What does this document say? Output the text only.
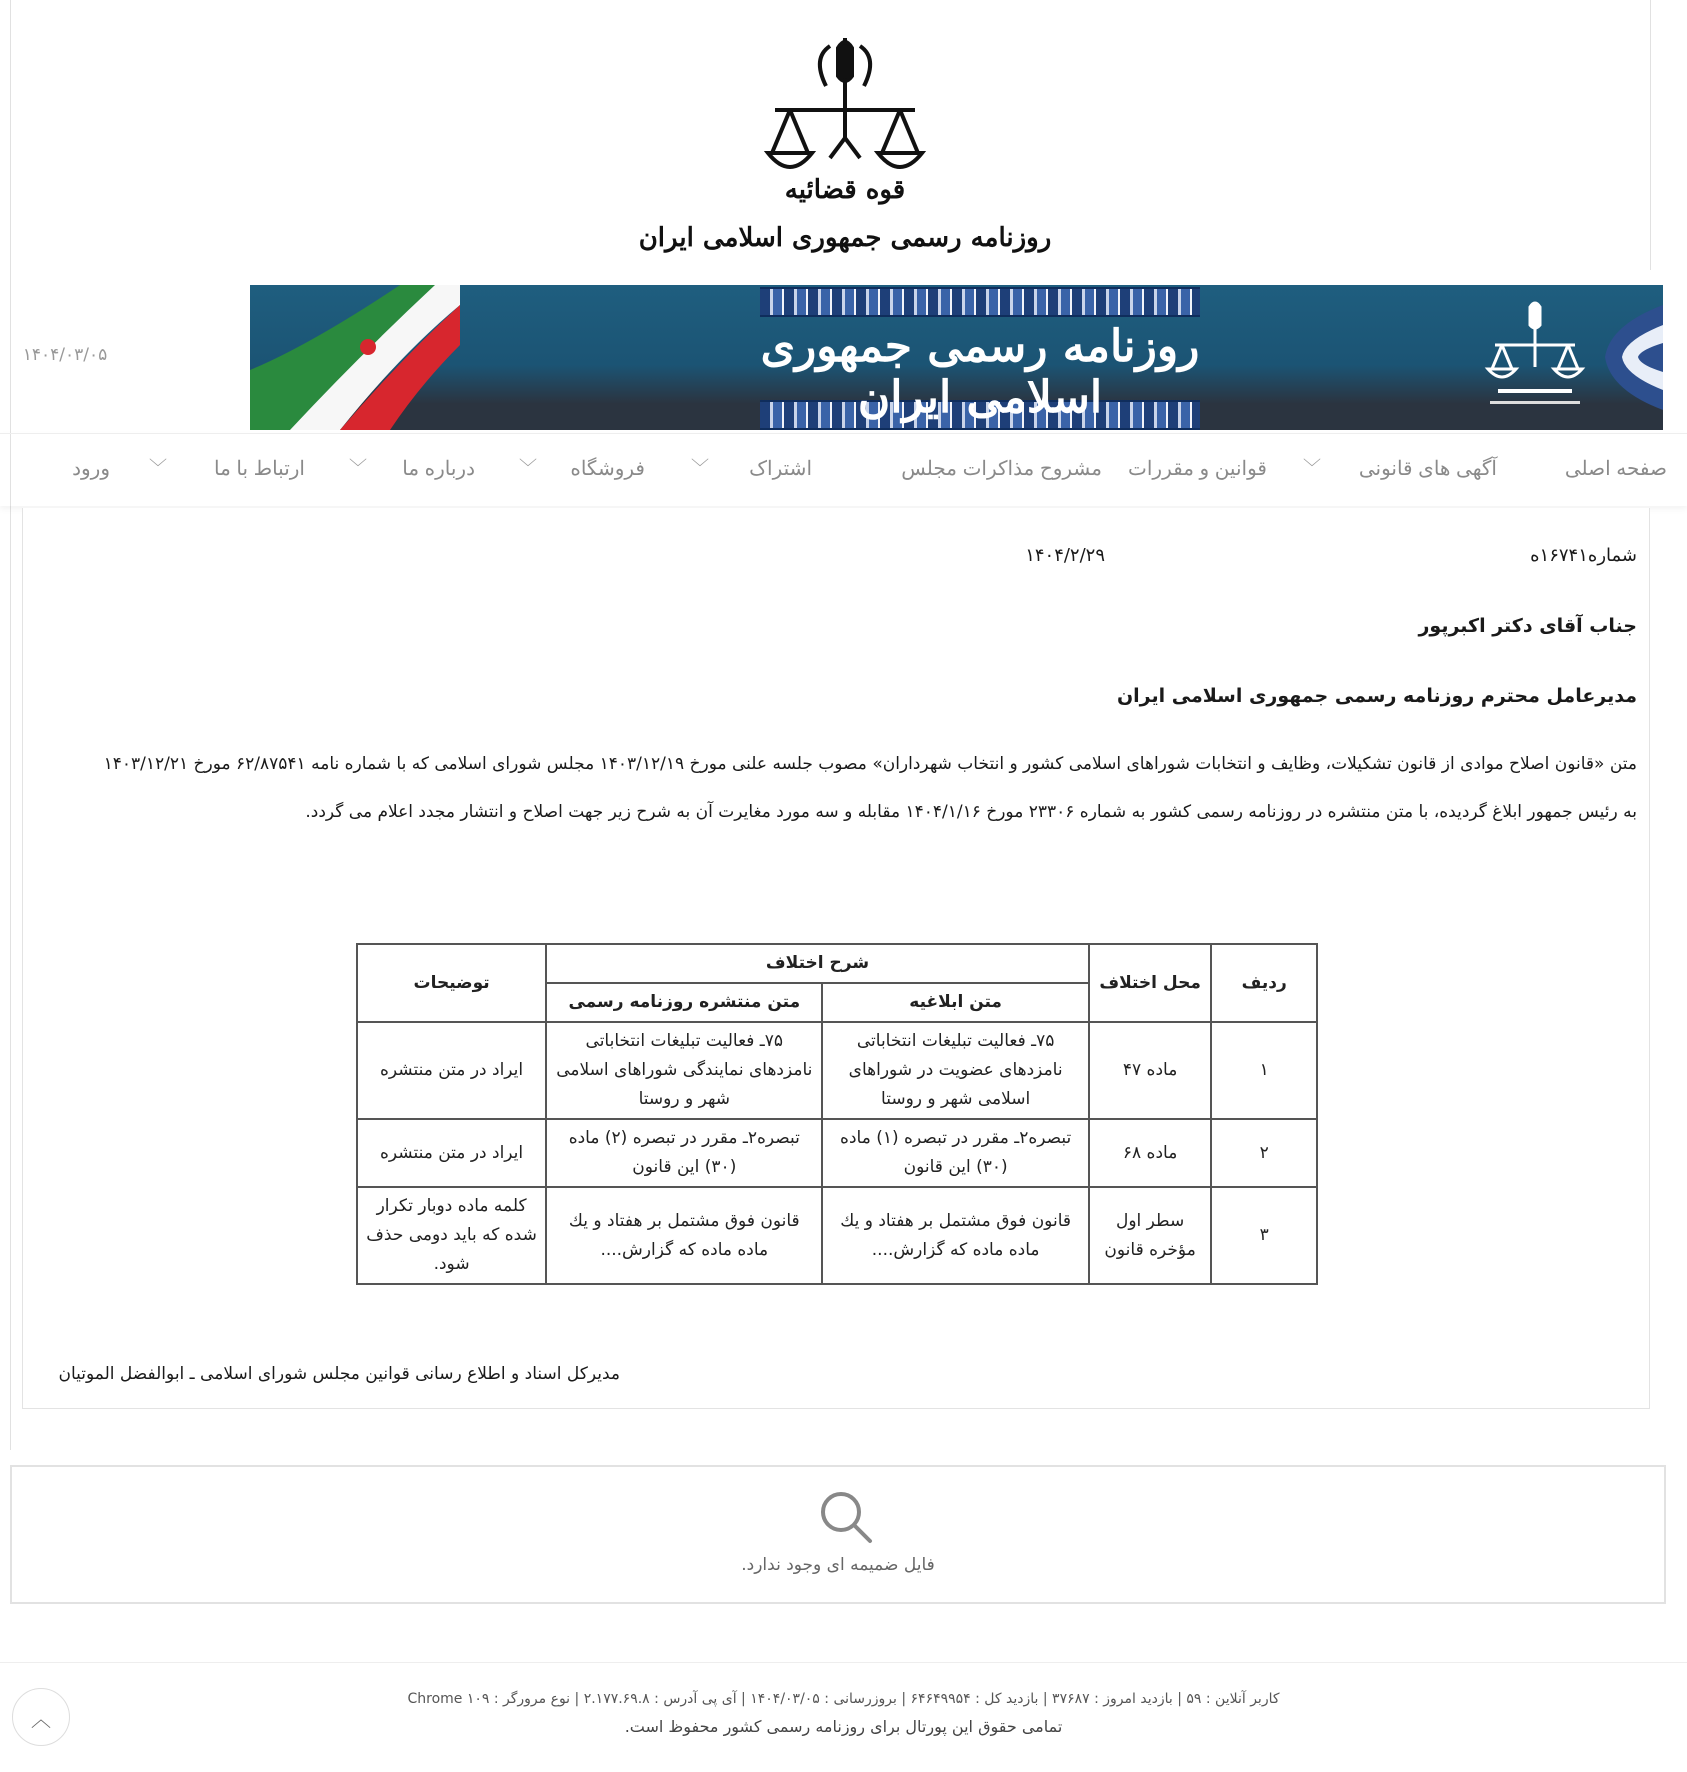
قوه قضائیه
روزنامه رسمی جمهوری اسلامی ایران
۱۴۰۴/۰۳/۰۵	روزنامه رسمی جمهوری اسلامی ایران
صفحه اصلی
آگهی های قانونی
﹀
قوانین و مقررات
مشروح مذاکرات مجلس
اشتراک
﹀
فروشگاه
﹀
درباره ما
﹀
ارتباط با ما
﹀
ورود
شماره۱۶۷۴۱ه
۱۴۰۴/۲/۲۹
جناب آقای دکتر اکبرپور
مدیرعامل محترم روزنامه رسمی جمهوری اسلامی ایران
متن «قانون اصلاح موادی از قانون تشکیلات، وظایف و انتخابات شوراهای اسلامی کشور و انتخاب شهرداران» مصوب جلسه علنی مورخ ۱۴۰۳/۱۲/۱۹ مجلس شورای اسلامی که با شماره نامه ۶۲/۸۷۵۴۱ مورخ ۱۴۰۳/۱۲/۲۱
به رئیس جمهور ابلاغ گردیده، با متن منتشره در روزنامه رسمی کشور به شماره ۲۳۳۰۶ مورخ ۱۴۰۴/۱/۱۶ مقابله و سه مورد مغایرت آن به شرح زیر جهت اصلاح و انتشار مجدد اعلام می گردد.
ردیف	محل اختلاف	شرح اختلاف		توضیحات
		متن ابلاغیه	متن منتشره روزنامه رسمی	
۱	ماده ۴۷	۷۵ـ فعالیت تبلیغات انتخاباتی نامزدهای عضویت در شوراهای اسلامی شهر و روستا	۷۵ـ فعالیت تبلیغات انتخاباتی نامزدهای نمایندگی شوراهای اسلامی شهر و روستا	ایراد در متن منتشره
۲	ماده ۶۸	تبصره۲ـ مقرر در تبصره (۱) ماده (۳۰) این قانون	تبصره۲ـ مقرر در تبصره (۲) ماده (۳۰) این قانون	ایراد در متن منتشره
۳	سطر اول مؤخره قانون	قانون فوق مشتمل بر هفتاد و یك ماده ماده که گزارش....	قانون فوق مشتمل بر هفتاد و یك ماده ماده که گزارش....	کلمه ماده دوبار تکرار شده که باید دومی حذف شود.
مدیرکل اسناد و اطلاع رسانی قوانین مجلس شورای اسلامی ـ ابوالفضل الموتیان
فایل ضمیمه ای وجود ندارد.
کاربر آنلاین : ۵۹ | بازدید امروز : ۳۷۶۸۷ | بازدید کل : ۶۴۶۴۹۹۵۴ | بروزرسانی : ۱۴۰۴/۰۳/۰۵ | آی پی آدرس : ۲.۱۷۷.۶۹.۸ | نوع مرورگر : Chrome ۱۰۹
تمامی حقوق این پورتال برای روزنامه رسمی کشور محفوظ است.
︿
